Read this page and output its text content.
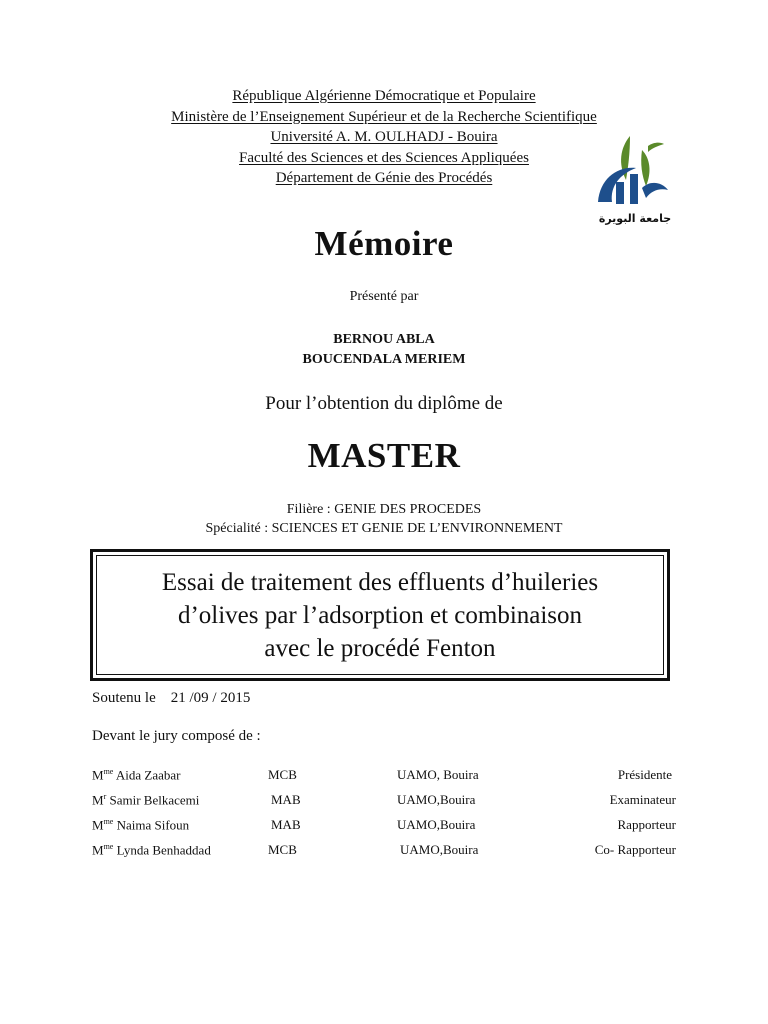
République Algérienne Démocratique et Populaire
Ministère de l’Enseignement Supérieur et de la Recherche Scientifique
Université A. M. OULHADJ - Bouira
Faculté des Sciences et des Sciences Appliquées
Département de Génie des Procédés
جامعة البويرة
Mémoire
Présenté par
BERNOU ABLA
BOUCENDALA MERIEM
Pour l’obtention du diplôme de
MASTER
Filière : GENIE DES PROCEDES
Spécialité : SCIENCES ET GENIE DE L’ENVIRONNEMENT
Essai de traitement des effluents d’huileries
d’olives par l’adsorption et combinaison
avec le procédé Fenton
Soutenu le 21 /09 / 2015
Devant le jury composé de :
$M^{me}$ Aida Zaabar	MCB	UAMO, Bouira	Présidente
$M^r$ Samir Belkacemi	MAB	UAMO,Bouira	Examinateur
$M^{me}$ Naima Sifoun	MAB	UAMO,Bouira	Rapporteur
$M^{me}$ Lynda Benhaddad	MCB	UAMO,Bouira	Co- Rapporteur
